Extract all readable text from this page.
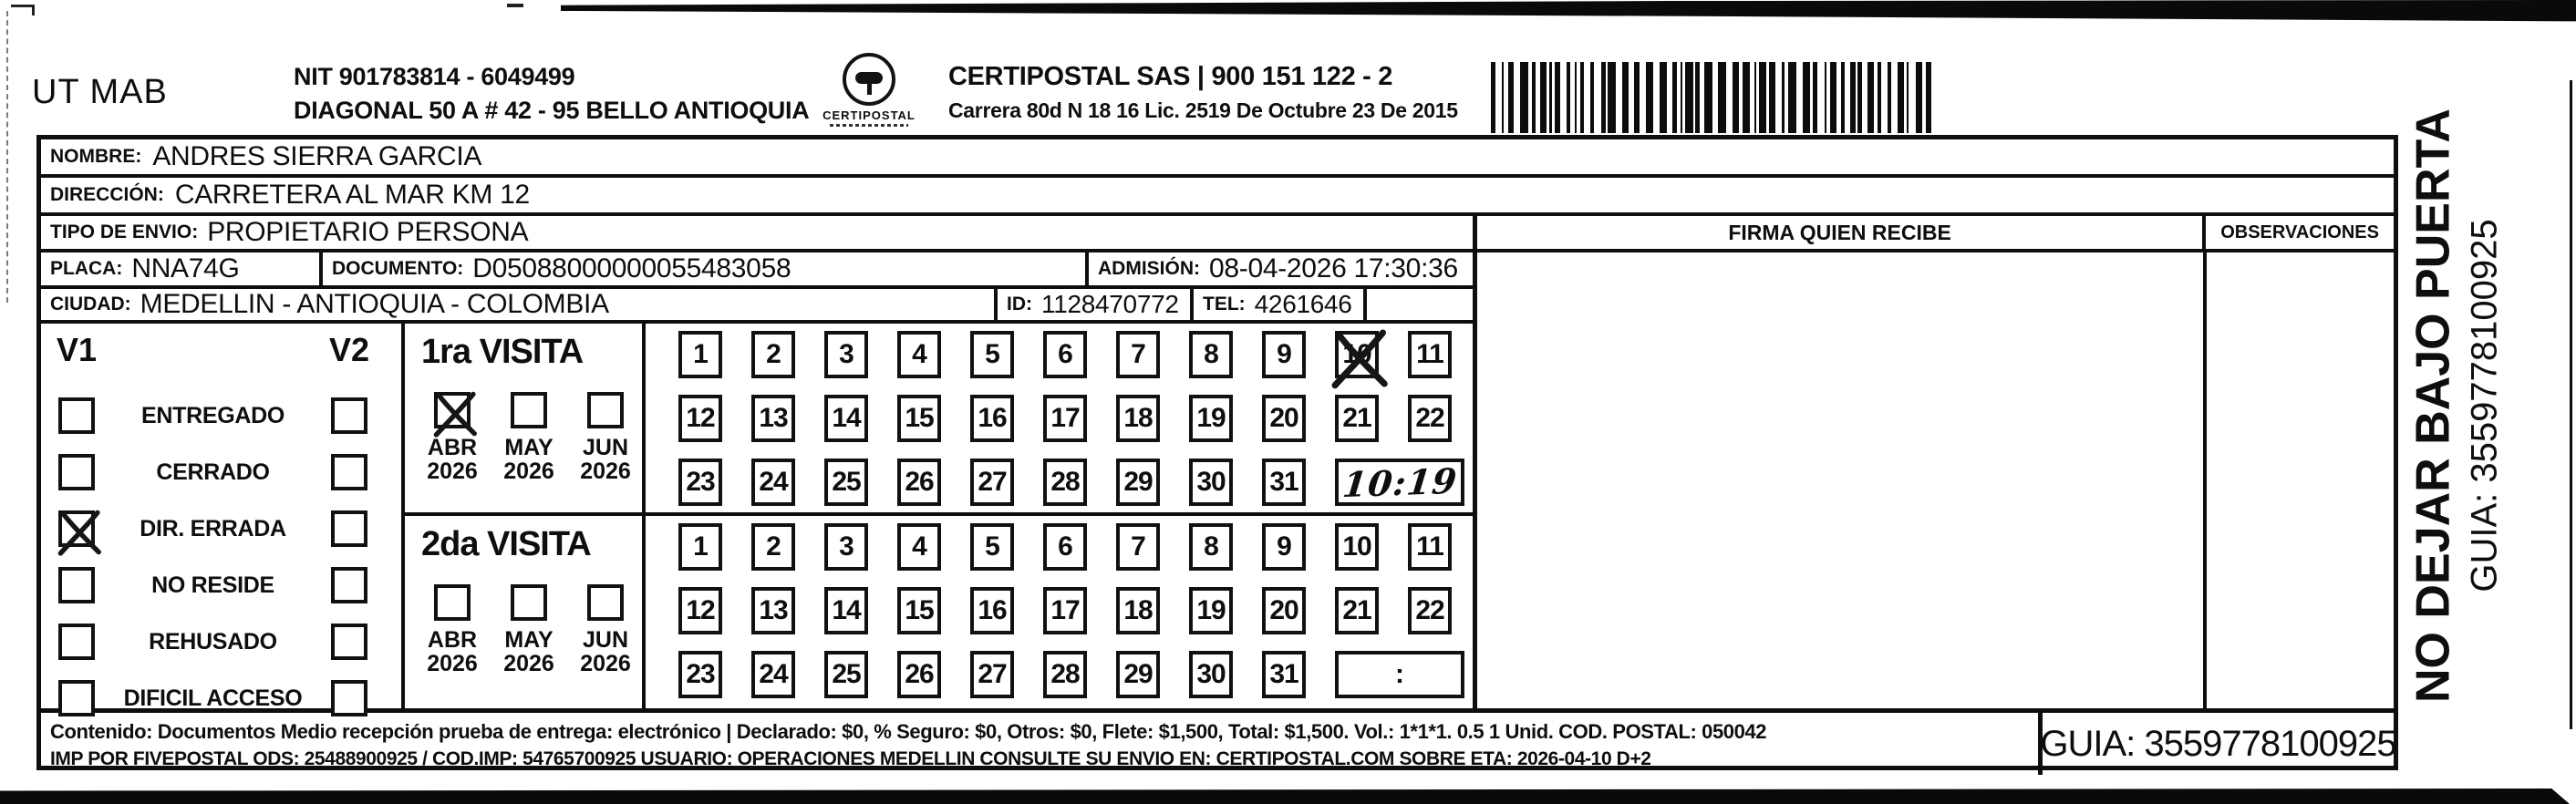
UT MAB	NIT 901783814 - 6049499
DIAGONAL 50 A # 42 - 95 BELLO ANTIOQUIA	CERTIPOSTAL
CERTIPOSTAL SAS | 900 151 122 - 2
Carrera 80d N 18 16 Lic. 2519 De Octubre 23 De 2015
NOMBRE: ANDRES SIERRA GARCIA
DIRECCIÓN: CARRETERA AL MAR KM 12
TIPO DE ENVIO: PROPIETARIO PERSONA
PLACA: NNA74G	DOCUMENTO: D05088000000055483058	ADMISIÓN: 08-04-2026 17:30:36
CIUDAD: MEDELLIN - ANTIOQUIA - COLOMBIA	ID: 1128470772 TEL: 4261646
V1	V2
ENTREGADO
CERRADO
DIR. ERRADA
NO RESIDE
REHUSADO
DIFICIL ACCESO
1ra VISITA
ABR
2026
MAY
2026
JUN
2026
1	2	3	4	5	6	7	8	9	10	11
12 13 14 15 16 17 18 19 20 21 22
23 24 25 26 27 28 29 30 31 10:19
2da VISITA
ABR
2026
MAY
2026
JUN
2026
1	2	3	4	5	6	7	8	9	10	11
12 13 14 15 16 17 18 19 20 21 22
23 24 25 26 27 28 29 30 31	:
FIRMA QUIEN RECIBE	OBSERVACIONES
Contenido: Documentos Medio recepción prueba de entrega: electrónico | Declarado: $0, % Seguro: $0, Otros: $0, Flete: $1,500, Total: $1,500. Vol.: 1*1*1. 0.5 1 Unid. COD. POSTAL: 050042
IMP POR FIVEPOSTAL ODS: 25488900925 / COD.IMP: 54765700925 USUARIO: OPERACIONES MEDELLIN CONSULTE SU ENVIO EN: CERTIPOSTAL.COM SOBRE ETA: 2026-04-10 D+2	GUIA: 3559778100925
NO DEJAR BAJO PUERTA GUIA: 3559778100925
